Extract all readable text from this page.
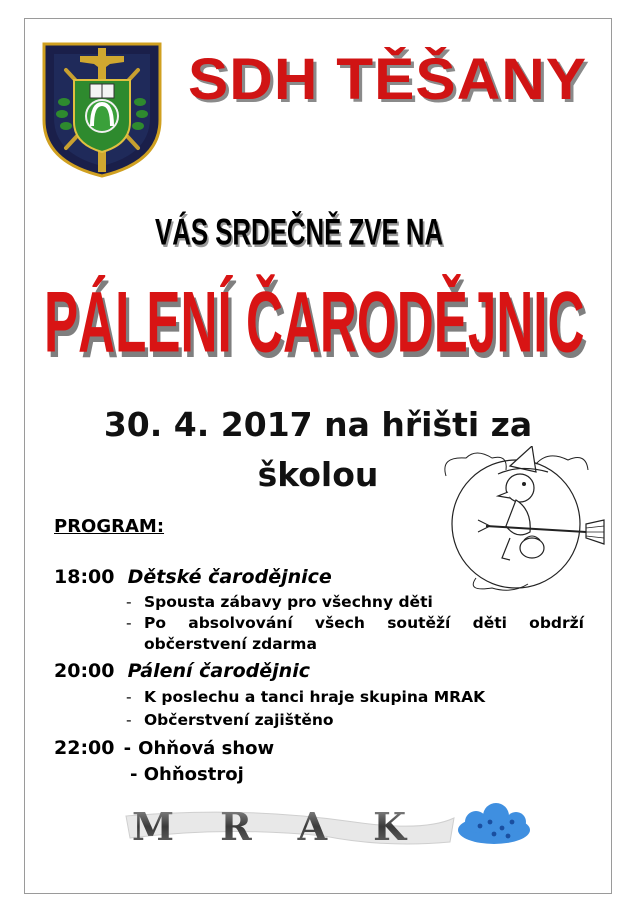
SDH TĚŠANY
VÁS SRDEČNĚ ZVE NA
PÁLENÍ ČARODĚJNIC
30. 4. 2017 na hřišti za
školou
PROGRAM:
18:00 Dětské čarodějnice
- Spousta zábavy pro všechny děti
- Po absolvování všech soutěží děti obdrží
občerstvení zdarma
20:00 Pálení čarodějnic
- K poslechu a tanci hraje skupina MRAK
- Občerstvení zajištěno
22:00 - Ohňová show
- Ohňostroj
MRAK
